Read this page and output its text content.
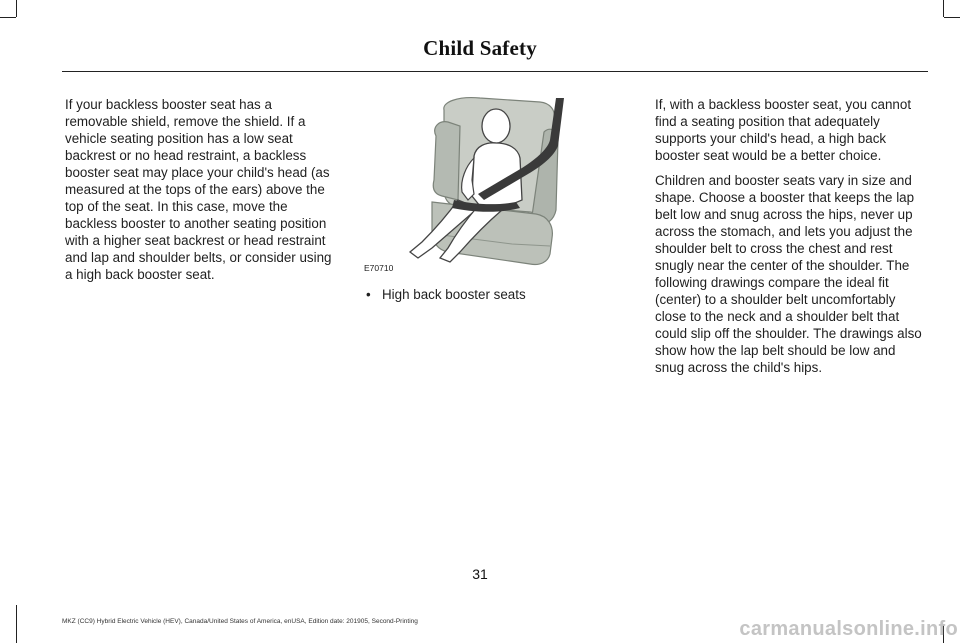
Child Safety

If your backless booster seat has a removable shield, remove the shield. If a vehicle seating position has a low seat backrest or no head restraint, a backless booster seat may place your child's head (as measured at the tops of the ears) above the top of the seat. In this case, move the backless booster to another seating position with a higher seat backrest or head restraint and lap and shoulder belts, or consider using a high back booster seat.	E70710
• High back booster seats

If, with a backless booster seat, you cannot find a seating position that adequately supports your child's head, a high back booster seat would be a better choice.

Children and booster seats vary in size and shape. Choose a booster that keeps the lap belt low and snug across the hips, never up across the stomach, and lets you adjust the shoulder belt to cross the chest and rest snugly near the center of the shoulder. The following drawings compare the ideal fit (center) to a shoulder belt uncomfortably close to the neck and a shoulder belt that could slip off the shoulder. The drawings also show how the lap belt should be low and snug across the child's hips.

31
MKZ (CC9) Hybrid Electric Vehicle (HEV), Canada/United States of America, enUSA, Edition date: 201905, Second-Printing	carmanualsonline.info
